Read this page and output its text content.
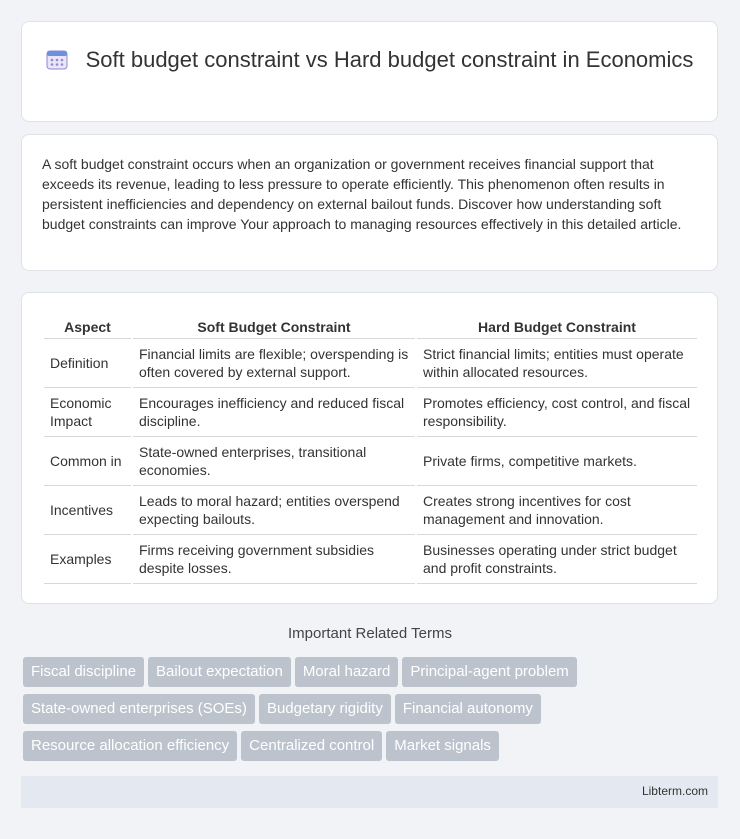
Soft budget constraint vs Hard budget constraint in Economics

A soft budget constraint occurs when an organization or government receives financial support that exceeds its revenue, leading to less pressure to operate efficiently. This phenomenon often results in persistent inefficiencies and dependency on external bailout funds. Discover how understanding soft budget constraints can improve Your approach to managing resources effectively in this detailed article.

Aspect	Soft Budget Constraint	Hard Budget Constraint
Definition	Financial limits are flexible; overspending is often covered by external support.	Strict financial limits; entities must operate within allocated resources.
Economic Impact	Encourages inefficiency and reduced fiscal discipline.	Promotes efficiency, cost control, and fiscal responsibility.
Common in	State-owned enterprises, transitional economies.	Private firms, competitive markets.
Incentives	Leads to moral hazard; entities overspend expecting bailouts.	Creates strong incentives for cost management and innovation.
Examples	Firms receiving government subsidies despite losses.	Businesses operating under strict budget and profit constraints.
Important Related Terms
Fiscal discipline Bailout expectation Moral hazard Principal-agent problem
State-owned enterprises (SOEs) Budgetary rigidity Financial autonomy
Resource allocation efficiency Centralized control Market signals
Libterm.com
